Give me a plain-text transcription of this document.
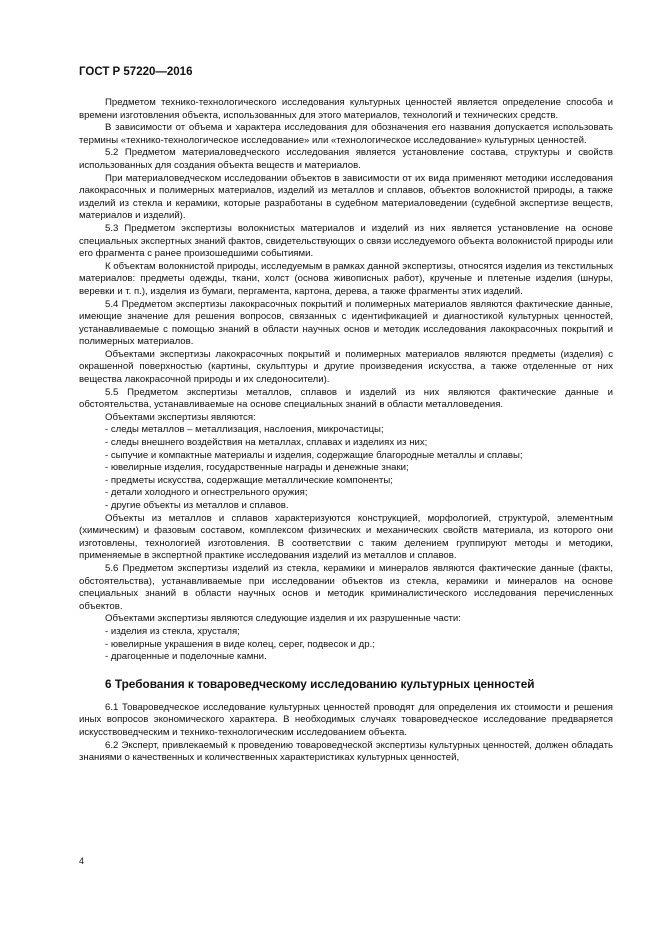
ГОСТ Р 57220—2016

Предметом технико-технологического исследования культурных ценностей является определение способа и времени изготовления объекта, использованных для этого материалов, технологий и технических средств.

В зависимости от объема и характера исследования для обозначения его названия допускается использовать термины «технико-технологическое исследование» или «технологическое исследование» культурных ценностей.

5.2 Предметом материаловедческого исследования является установление состава, структуры и свойств использованных для создания объекта веществ и материалов.

При материаловедческом исследовании объектов в зависимости от их вида применяют методики исследования лакокрасочных и полимерных материалов, изделий из металлов и сплавов, объектов волокнистой природы, а также изделий из стекла и керамики, которые разработаны в судебном материаловедении (судебной экспертизе веществ, материалов и изделий).

5.3 Предметом экспертизы волокнистых материалов и изделий из них является установление на основе специальных экспертных знаний фактов, свидетельствующих о связи исследуемого объекта волокнистой природы или его фрагмента с ранее произошедшими событиями.

К объектам волокнистой природы, исследуемым в рамках данной экспертизы, относятся изделия из текстильных материалов: предметы одежды, ткани, холст (основа живописных работ), крученые и плетеные изделия (шнуры, веревки и т. п.), изделия из бумаги, пергамента, картона, дерева, а также фрагменты этих изделий.

5.4 Предметом экспертизы лакокрасочных покрытий и полимерных материалов являются фактические данные, имеющие значение для решения вопросов, связанных с идентификацией и диагностикой культурных ценностей, устанавливаемые с помощью знаний в области научных основ и методик исследования лакокрасочных покрытий и полимерных материалов.

Объектами экспертизы лакокрасочных покрытий и полимерных материалов являются предметы (изделия) с окрашенной поверхностью (картины, скульптуры и другие произведения искусства, а также отделенные от них вещества лакокрасочной природы и их следоносители).

5.5 Предметом экспертизы металлов, сплавов и изделий из них являются фактические данные и обстоятельства, устанавливаемые на основе специальных знаний в области металловедения.

Объектами экспертизы являются:

- следы металлов – металлизация, наслоения, микрочастицы;

- следы внешнего воздействия на металлах, сплавах и изделиях из них;

- сыпучие и компактные материалы и изделия, содержащие благородные металлы и сплавы;

- ювелирные изделия, государственные награды и денежные знаки;

- предметы искусства, содержащие металлические компоненты;

- детали холодного и огнестрельного оружия;

- другие объекты из металлов и сплавов.

Объекты из металлов и сплавов характеризуются конструкцией, морфологией, структурой, элементным (химическим) и фазовым составом, комплексом физических и механических свойств материала, из которого они изготовлены, технологией изготовления. В соответствии с таким делением группируют методы и методики, применяемые в экспертной практике исследования изделий из металлов и сплавов.

5.6 Предметом экспертизы изделий из стекла, керамики и минералов являются фактические данные (факты, обстоятельства), устанавливаемые при исследовании объектов из стекла, керамики и минералов на основе специальных знаний в области научных основ и методик криминалистического исследования перечисленных объектов.

Объектами экспертизы являются следующие изделия и их разрушенные части:

- изделия из стекла, хрусталя;

- ювелирные украшения в виде колец, серег, подвесок и др.;

- драгоценные и поделочные камни.

6 Требования к товароведческому исследованию культурных ценностей

6.1 Товароведческое исследование культурных ценностей проводят для определения их стоимости и решения иных вопросов экономического характера. В необходимых случаях товароведческое исследование предваряется искусствоведческим и технико-технологическим исследованием объекта.

6.2 Эксперт, привлекаемый к проведению товароведческой экспертизы культурных ценностей, должен обладать знаниями о качественных и количественных характеристиках культурных ценностей,

4
